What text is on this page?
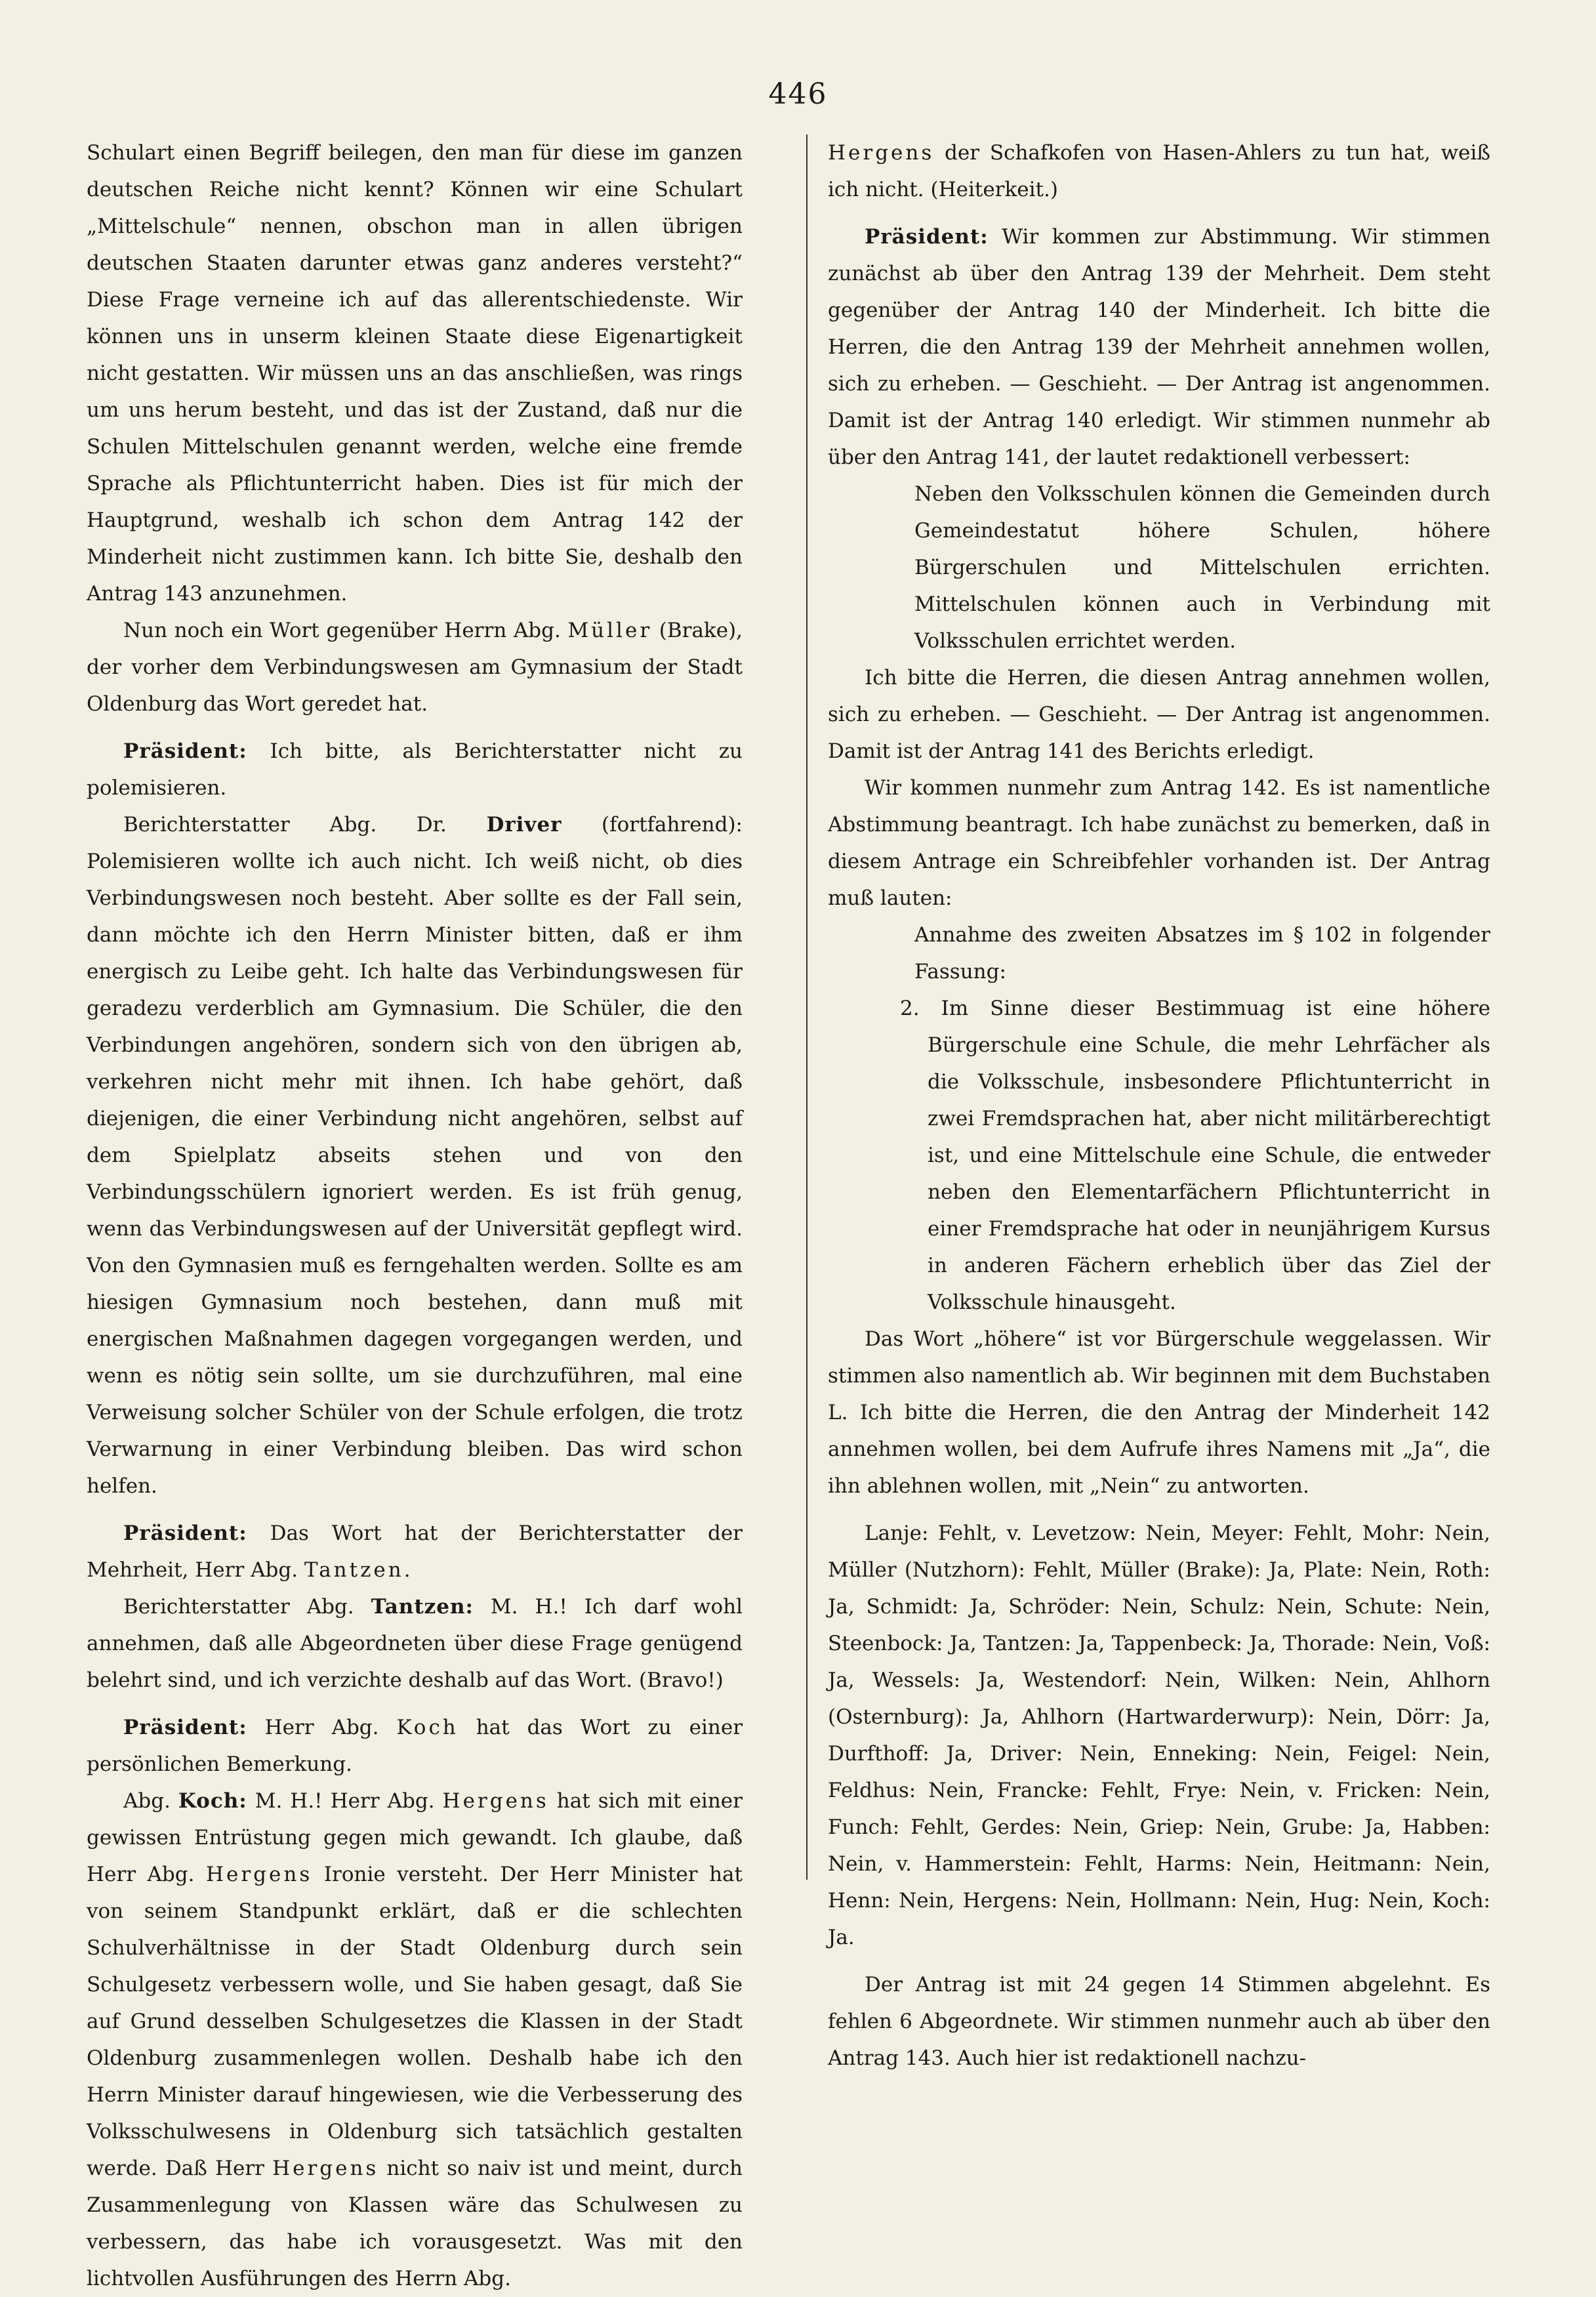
446

Schulart einen Begriff beilegen, den man für diese im ganzen deutschen Reiche nicht kennt? Können wir eine Schulart „Mittelschule“ nennen, obschon man in allen übrigen deutschen Staaten darunter etwas ganz anderes versteht?“ Diese Frage verneine ich auf das allerentschiedenste. Wir können uns in unserm kleinen Staate diese Eigenartigkeit nicht gestatten. Wir müssen uns an das anschließen, was rings um uns herum besteht, und das ist der Zustand, daß nur die Schulen Mittelschulen genannt werden, welche eine fremde Sprache als Pflichtunterricht haben. Dies ist für mich der Hauptgrund, weshalb ich schon dem Antrag 142 der Minderheit nicht zustimmen kann. Ich bitte Sie, deshalb den Antrag 143 anzunehmen.

Nun noch ein Wort gegenüber Herrn Abg. Müller (Brake), der vorher dem Verbindungswesen am Gymnasium der Stadt Oldenburg das Wort geredet hat.

Präsident: Ich bitte, als Berichterstatter nicht zu polemisieren.

Berichterstatter Abg. Dr. Driver (fortfahrend): Polemisieren wollte ich auch nicht. Ich weiß nicht, ob dies Verbindungswesen noch besteht. Aber sollte es der Fall sein, dann möchte ich den Herrn Minister bitten, daß er ihm energisch zu Leibe geht. Ich halte das Verbindungswesen für geradezu verderblich am Gymnasium. Die Schüler, die den Verbindungen angehören, sondern sich von den übrigen ab, verkehren nicht mehr mit ihnen. Ich habe gehört, daß diejenigen, die einer Verbindung nicht angehören, selbst auf dem Spielplatz abseits stehen und von den Verbindungsschülern ignoriert werden. Es ist früh genug, wenn das Verbindungswesen auf der Universität gepflegt wird. Von den Gymnasien muß es ferngehalten werden. Sollte es am hiesigen Gymnasium noch bestehen, dann muß mit energischen Maßnahmen dagegen vorgegangen werden, und wenn es nötig sein sollte, um sie durchzuführen, mal eine Verweisung solcher Schüler von der Schule erfolgen, die trotz Verwarnung in einer Verbindung bleiben. Das wird schon helfen.

Präsident: Das Wort hat der Berichterstatter der Mehrheit, Herr Abg. Tantzen.

Berichterstatter Abg. Tantzen: M. H.! Ich darf wohl annehmen, daß alle Abgeordneten über diese Frage genügend belehrt sind, und ich verzichte deshalb auf das Wort. (Bravo!)

Präsident: Herr Abg. Koch hat das Wort zu einer persönlichen Bemerkung.

Abg. Koch: M. H.! Herr Abg. Hergens hat sich mit einer gewissen Entrüstung gegen mich gewandt. Ich glaube, daß Herr Abg. Hergens Ironie versteht. Der Herr Minister hat von seinem Standpunkt erklärt, daß er die schlechten Schulverhältnisse in der Stadt Oldenburg durch sein Schulgesetz verbessern wolle, und Sie haben gesagt, daß Sie auf Grund desselben Schulgesetzes die Klassen in der Stadt Oldenburg zusammenlegen wollen. Deshalb habe ich den Herrn Minister darauf hingewiesen, wie die Verbesserung des Volksschulwesens in Oldenburg sich tatsächlich gestalten werde. Daß Herr Hergens nicht so naiv ist und meint, durch Zusammenlegung von Klassen wäre das Schulwesen zu verbessern, das habe ich vorausgesetzt. Was mit den lichtvollen Ausführungen des Herrn Abg.

Hergens der Schafkofen von Hasen-Ahlers zu tun hat, weiß ich nicht. (Heiterkeit.)

Präsident: Wir kommen zur Abstimmung. Wir stimmen zunächst ab über den Antrag 139 der Mehrheit. Dem steht gegenüber der Antrag 140 der Minderheit. Ich bitte die Herren, die den Antrag 139 der Mehrheit annehmen wollen, sich zu erheben. — Geschieht. — Der Antrag ist angenommen. Damit ist der Antrag 140 erledigt. Wir stimmen nunmehr ab über den Antrag 141, der lautet redaktionell verbessert:

Neben den Volksschulen können die Gemeinden durch Gemeindestatut höhere Schulen, höhere Bürgerschulen und Mittelschulen errichten. Mittelschulen können auch in Verbindung mit Volksschulen errichtet werden.

Ich bitte die Herren, die diesen Antrag annehmen wollen, sich zu erheben. — Geschieht. — Der Antrag ist angenommen. Damit ist der Antrag 141 des Berichts erledigt.

Wir kommen nunmehr zum Antrag 142. Es ist namentliche Abstimmung beantragt. Ich habe zunächst zu bemerken, daß in diesem Antrage ein Schreibfehler vorhanden ist. Der Antrag muß lauten:

Annahme des zweiten Absatzes im § 102 in folgender Fassung:

2. Im Sinne dieser Bestimmuag ist eine höhere Bürgerschule eine Schule, die mehr Lehrfächer als die Volksschule, insbesondere Pflichtunterricht in zwei Fremdsprachen hat, aber nicht militärberechtigt ist, und eine Mittelschule eine Schule, die entweder neben den Elementarfächern Pflichtunterricht in einer Fremdsprache hat oder in neunjährigem Kursus in anderen Fächern erheblich über das Ziel der Volksschule hinausgeht.

Das Wort „höhere“ ist vor Bürgerschule weggelassen. Wir stimmen also namentlich ab. Wir beginnen mit dem Buchstaben L. Ich bitte die Herren, die den Antrag der Minderheit 142 annehmen wollen, bei dem Aufrufe ihres Namens mit „Ja“, die ihn ablehnen wollen, mit „Nein“ zu antworten.

Lanje: Fehlt, v. Levetzow: Nein, Meyer: Fehlt, Mohr: Nein, Müller (Nutzhorn): Fehlt, Müller (Brake): Ja, Plate: Nein, Roth: Ja, Schmidt: Ja, Schröder: Nein, Schulz: Nein, Schute: Nein, Steenbock: Ja, Tantzen: Ja, Tappenbeck: Ja, Thorade: Nein, Voß: Ja, Wessels: Ja, Westendorf: Nein, Wilken: Nein, Ahlhorn (Osternburg): Ja, Ahlhorn (Hartwarderwurp): Nein, Dörr: Ja, Durfthoff: Ja, Driver: Nein, Enneking: Nein, Feigel: Nein, Feldhus: Nein, Francke: Fehlt, Frye: Nein, v. Fricken: Nein, Funch: Fehlt, Gerdes: Nein, Griep: Nein, Grube: Ja, Habben: Nein, v. Hammerstein: Fehlt, Harms: Nein, Heitmann: Nein, Henn: Nein, Hergens: Nein, Hollmann: Nein, Hug: Nein, Koch: Ja.

Der Antrag ist mit 24 gegen 14 Stimmen abgelehnt. Es fehlen 6 Abgeordnete. Wir stimmen nunmehr auch ab über den Antrag 143. Auch hier ist redaktionell nachzu-
